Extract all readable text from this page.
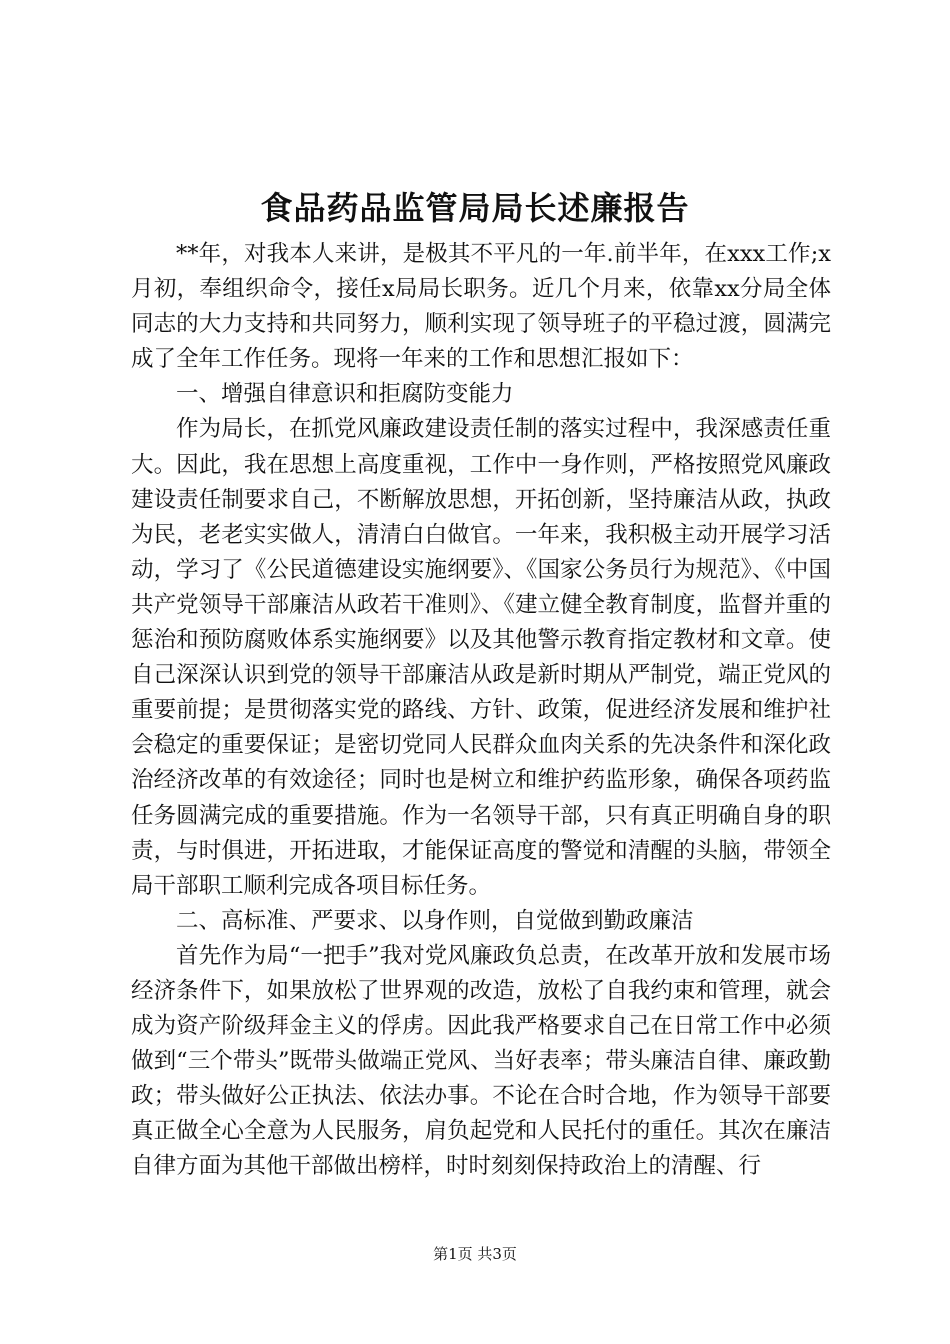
食品药品监管局局长述廉报告

**年，对我本人来讲，是极其不平凡的一年.前半年，在xxx工作;x月初，奉组织命令，接任x局局长职务。近几个月来，依靠xx分局全体同志的大力支持和共同努力，顺利实现了领导班子的平稳过渡，圆满完成了全年工作任务。现将一年来的工作和思想汇报如下：

一、增强自律意识和拒腐防变能力

作为局长，在抓党风廉政建设责任制的落实过程中，我深感责任重大。因此，我在思想上高度重视，工作中一身作则，严格按照党风廉政建设责任制要求自己，不断解放思想，开拓创新，坚持廉洁从政，执政为民，老老实实做人，清清白白做官。一年来，我积极主动开展学习活动，学习了《公民道德建设实施纲要》、《国家公务员行为规范》、《中国共产党领导干部廉洁从政若干准则》、《建立健全教育制度，监督并重的惩治和预防腐败体系实施纲要》以及其他警示教育指定教材和文章。使自己深深认识到党的领导干部廉洁从政是新时期从严制党，端正党风的重要前提；是贯彻落实党的路线、方针、政策，促进经济发展和维护社会稳定的重要保证；是密切党同人民群众血肉关系的先决条件和深化政治经济改革的有效途径；同时也是树立和维护药监形象，确保各项药监任务圆满完成的重要措施。作为一名领导干部，只有真正明确自身的职责，与时俱进，开拓进取，才能保证高度的警觉和清醒的头脑，带领全局干部职工顺利完成各项目标任务。

二、高标准、严要求、以身作则，自觉做到勤政廉洁

首先作为局“一把手”我对党风廉政负总责，在改革开放和发展市场经济条件下，如果放松了世界观的改造，放松了自我约束和管理，就会成为资产阶级拜金主义的俘虏。因此我严格要求自己在日常工作中必须做到“三个带头”既带头做端正党风、当好表率；带头廉洁自律、廉政勤政；带头做好公正执法、依法办事。不论在合时合地，作为领导干部要真正做全心全意为人民服务，肩负起党和人民托付的重任。其次在廉洁自律方面为其他干部做出榜样，时时刻刻保持政治上的清醒、行

第1页 共3页
